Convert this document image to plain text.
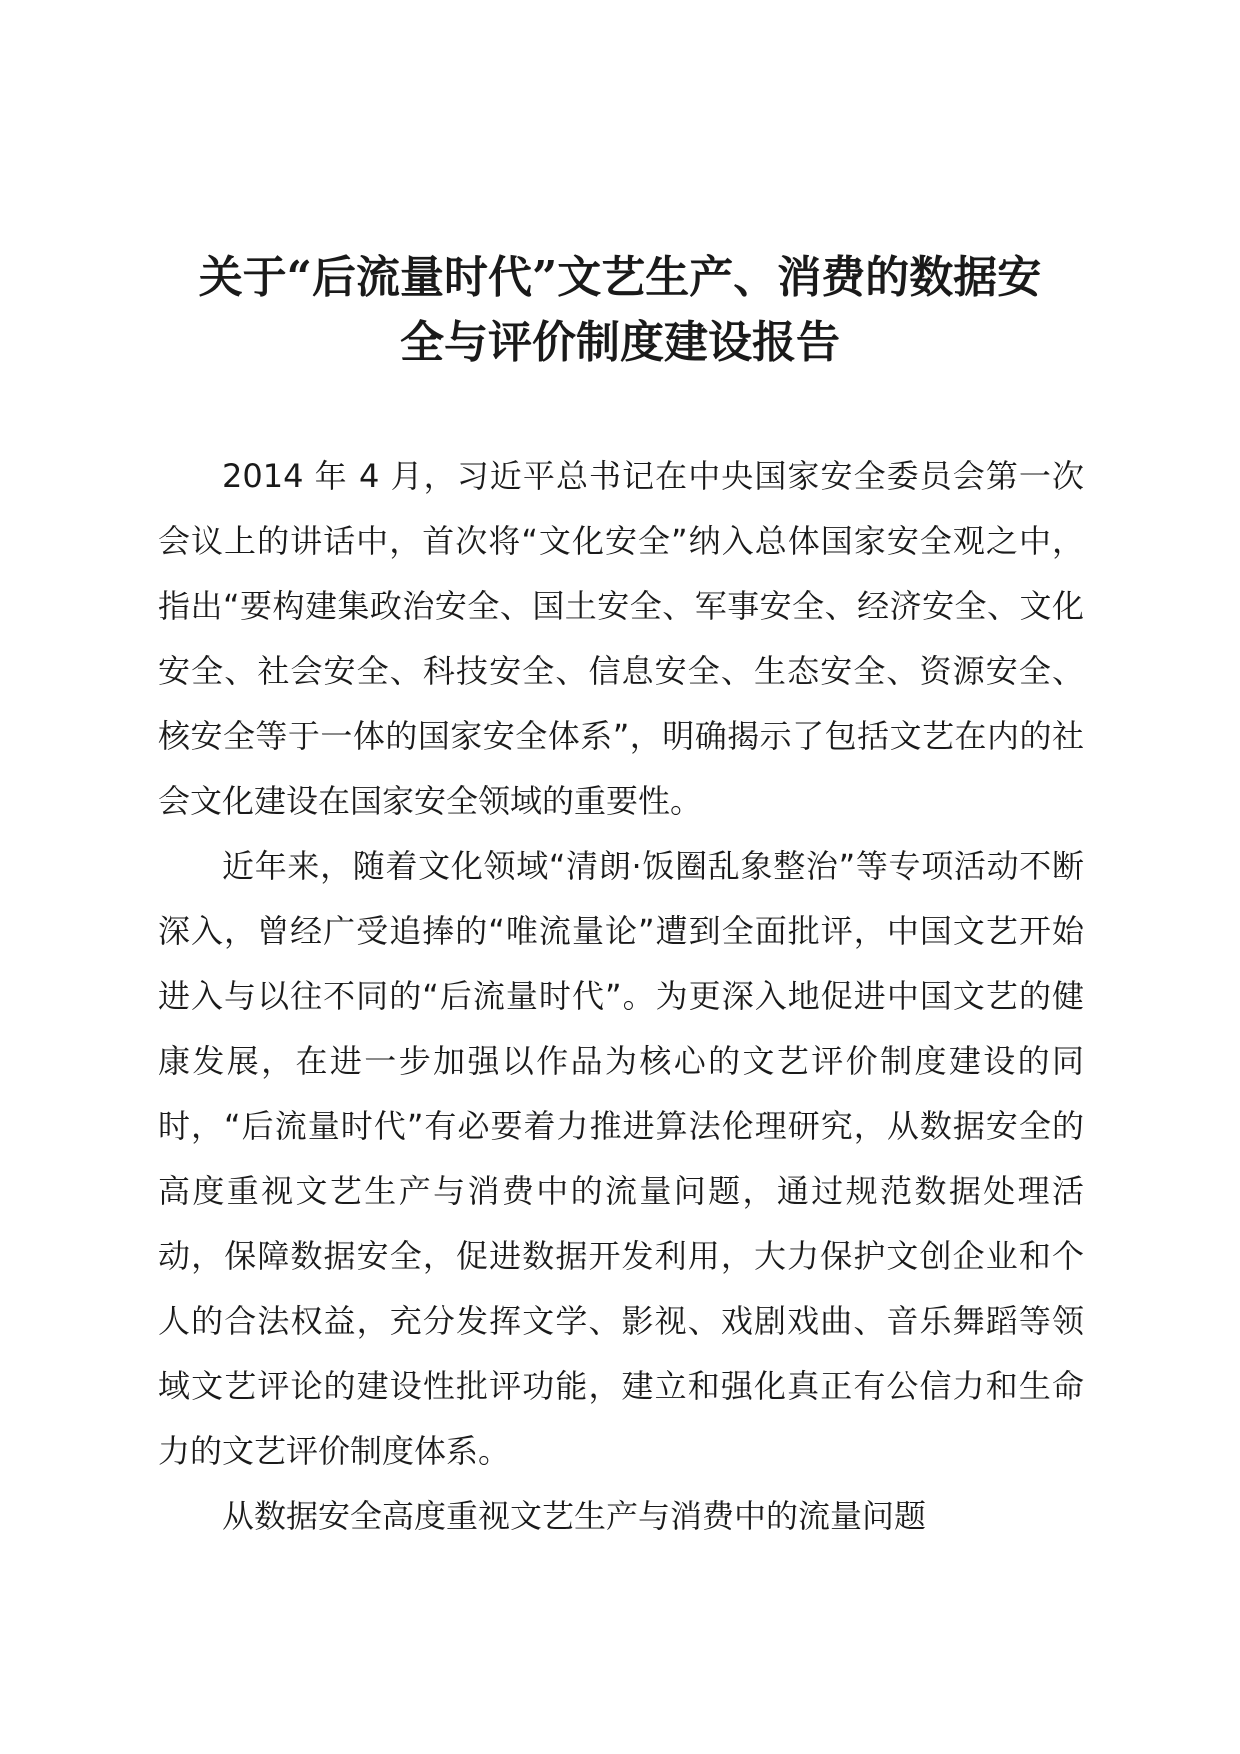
关于“后流量时代”文艺生产、消费的数据安
全与评价制度建设报告

2014 年 4 月，习近平总书记在中央国家安全委员会第一次会议上的讲话中，首次将“文化安全”纳入总体国家安全观之中，指出“要构建集政治安全、国土安全、军事安全、经济安全、文化安全、社会安全、科技安全、信息安全、生态安全、资源安全、核安全等于一体的国家安全体系”，明确揭示了包括文艺在内的社会文化建设在国家安全领域的重要性。

近年来，随着文化领域“清朗·饭圈乱象整治”等专项活动不断深入，曾经广受追捧的“唯流量论”遭到全面批评，中国文艺开始进入与以往不同的“后流量时代”。为更深入地促进中国文艺的健康发展，在进一步加强以作品为核心的文艺评价制度建设的同时，“后流量时代”有必要着力推进算法伦理研究，从数据安全的高度重视文艺生产与消费中的流量问题，通过规范数据处理活动，保障数据安全，促进数据开发利用，大力保护文创企业和个人的合法权益，充分发挥文学、影视、戏剧戏曲、音乐舞蹈等领域文艺评论的建设性批评功能，建立和强化真正有公信力和生命力的文艺评价制度体系。

从数据安全高度重视文艺生产与消费中的流量问题
